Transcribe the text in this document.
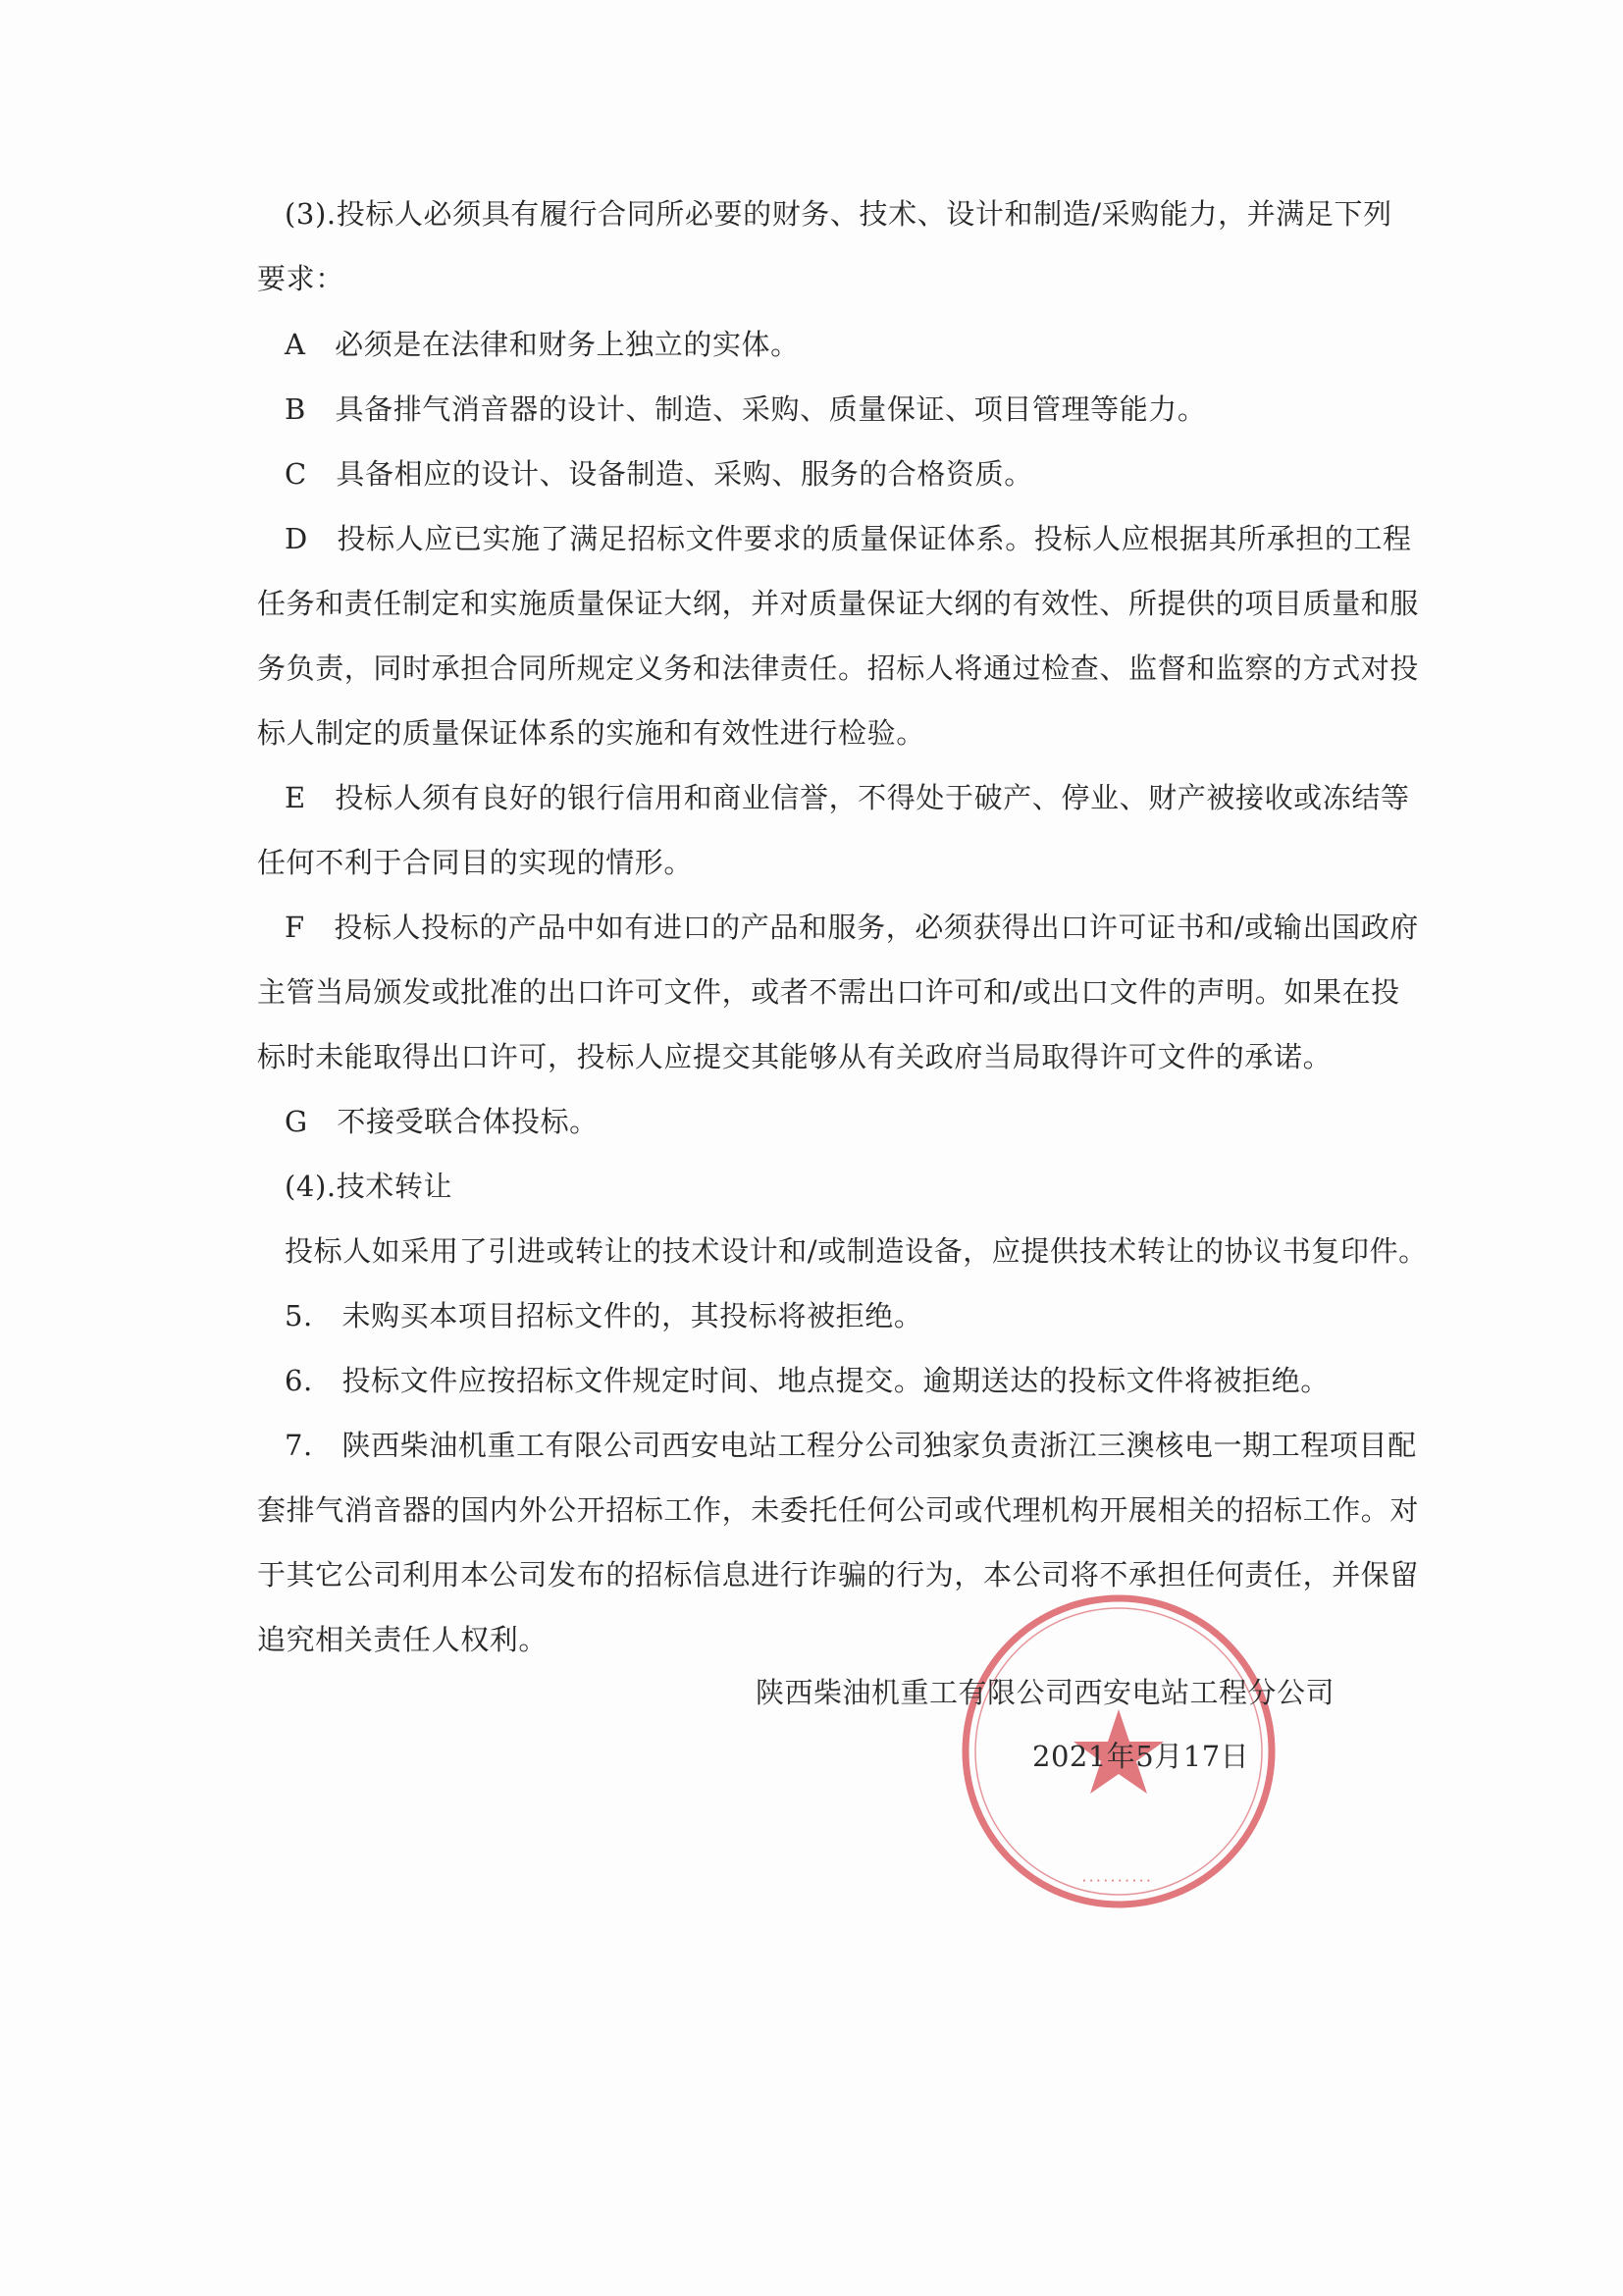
(3).投标人必须具有履行合同所必要的财务、技术、设计和制造/采购能力，并满足下列
要求：
A　必须是在法律和财务上独立的实体。
B　具备排气消音器的设计、制造、采购、质量保证、项目管理等能力。
C　具备相应的设计、设备制造、采购、服务的合格资质。
D　投标人应已实施了满足招标文件要求的质量保证体系。投标人应根据其所承担的工程
任务和责任制定和实施质量保证大纲，并对质量保证大纲的有效性、所提供的项目质量和服
务负责，同时承担合同所规定义务和法律责任。招标人将通过检查、监督和监察的方式对投
标人制定的质量保证体系的实施和有效性进行检验。
E　投标人须有良好的银行信用和商业信誉，不得处于破产、停业、财产被接收或冻结等
任何不利于合同目的实现的情形。
F　投标人投标的产品中如有进口的产品和服务，必须获得出口许可证书和/或输出国政府
主管当局颁发或批准的出口许可文件，或者不需出口许可和/或出口文件的声明。如果在投
标时未能取得出口许可，投标人应提交其能够从有关政府当局取得许可文件的承诺。
G　不接受联合体投标。
(4).技术转让
投标人如采用了引进或转让的技术设计和/或制造设备，应提供技术转让的协议书复印件。
5.　未购买本项目招标文件的，其投标将被拒绝。
6.　投标文件应按招标文件规定时间、地点提交。逾期送达的投标文件将被拒绝。
7.　陕西柴油机重工有限公司西安电站工程分公司独家负责浙江三澳核电一期工程项目配
套排气消音器的国内外公开招标工作，未委托任何公司或代理机构开展相关的招标工作。对
于其它公司利用本公司发布的招标信息进行诈骗的行为，本公司将不承担任何责任，并保留
追究相关责任人权利。
· · · · · · · · · ·
陕西柴油机重工有限公司西安电站工程分公司
2021年5月17日
